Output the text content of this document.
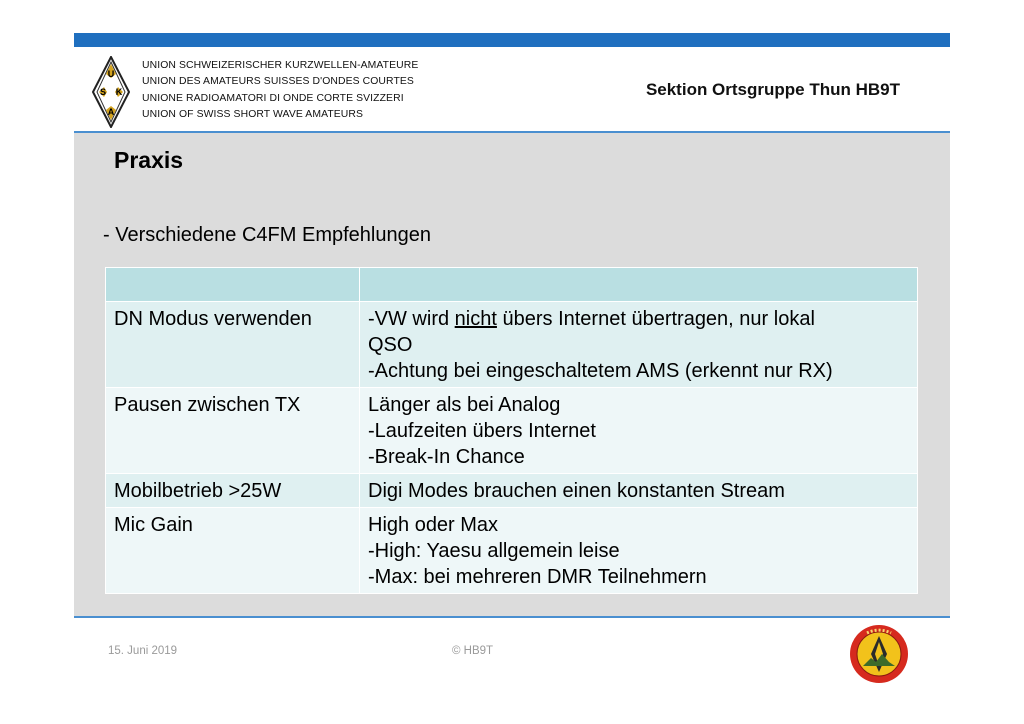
U
S K
A
UNION SCHWEIZERISCHER KURZWELLEN-AMATEURE
UNION DES AMATEURS SUISSES D'ONDES COURTES
UNIONE RADIOAMATORI DI ONDE CORTE SVIZZERI
UNION OF SWISS SHORT WAVE AMATEURS
Sektion Ortsgruppe Thun HB9T
Praxis
- Verschiedene C4FM Empfehlungen

DN Modus verwenden	-VW wird nicht übers Internet übertragen, nur lokal
QSO
-Achtung bei eingeschaltetem AMS (erkennt nur RX)

Pausen zwischen TX	Länger als bei Analog
-Laufzeiten übers Internet
-Break-In Chance

Mobilbetrieb >25W	Digi Modes brauchen einen konstanten Stream

Mic Gain	High oder Max
-High: Yaesu allgemein leise
-Max: bei mehreren DMR Teilnehmern
15. Juni 2019	© HB9T
